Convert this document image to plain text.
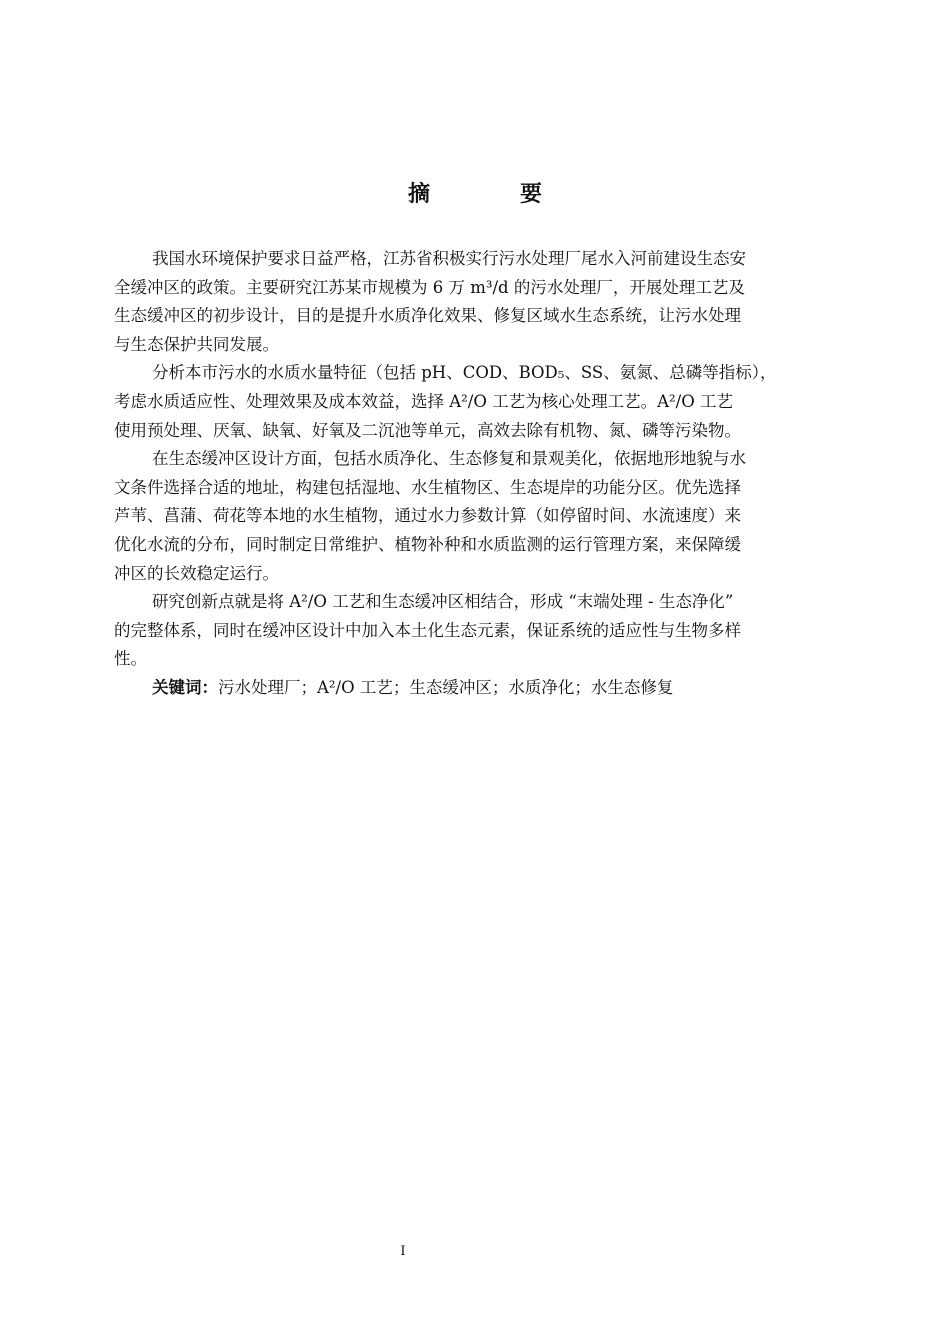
摘　要
我国水环境保护要求日益严格，江苏省积极实行污水处理厂尾水入河前建设生态安
全缓冲区的政策。主要研究江苏某市规模为 6 万 m³/d 的污水处理厂，开展处理工艺及
生态缓冲区的初步设计，目的是提升水质净化效果、修复区域水生态系统，让污水处理
与生态保护共同发展。
分析本市污水的水质水量特征（包括 pH、COD、BOD₅、SS、氨氮、总磷等指标），
考虑水质适应性、处理效果及成本效益，选择 A²/O 工艺为核心处理工艺。A²/O 工艺
使用预处理、厌氧、缺氧、好氧及二沉池等单元，高效去除有机物、氮、磷等污染物。
在生态缓冲区设计方面，包括水质净化、生态修复和景观美化，依据地形地貌与水
文条件选择合适的地址，构建包括湿地、水生植物区、生态堤岸的功能分区。优先选择
芦苇、菖蒲、荷花等本地的水生植物，通过水力参数计算（如停留时间、水流速度）来
优化水流的分布，同时制定日常维护、植物补种和水质监测的运行管理方案，来保障缓
冲区的长效稳定运行。
研究创新点就是将 A²/O 工艺和生态缓冲区相结合，形成 “末端处理 - 生态净化”
的完整体系，同时在缓冲区设计中加入本土化生态元素，保证系统的适应性与生物多样
性。
关键词：污水处理厂；A²/O 工艺；生态缓冲区；水质净化；水生态修复
I
